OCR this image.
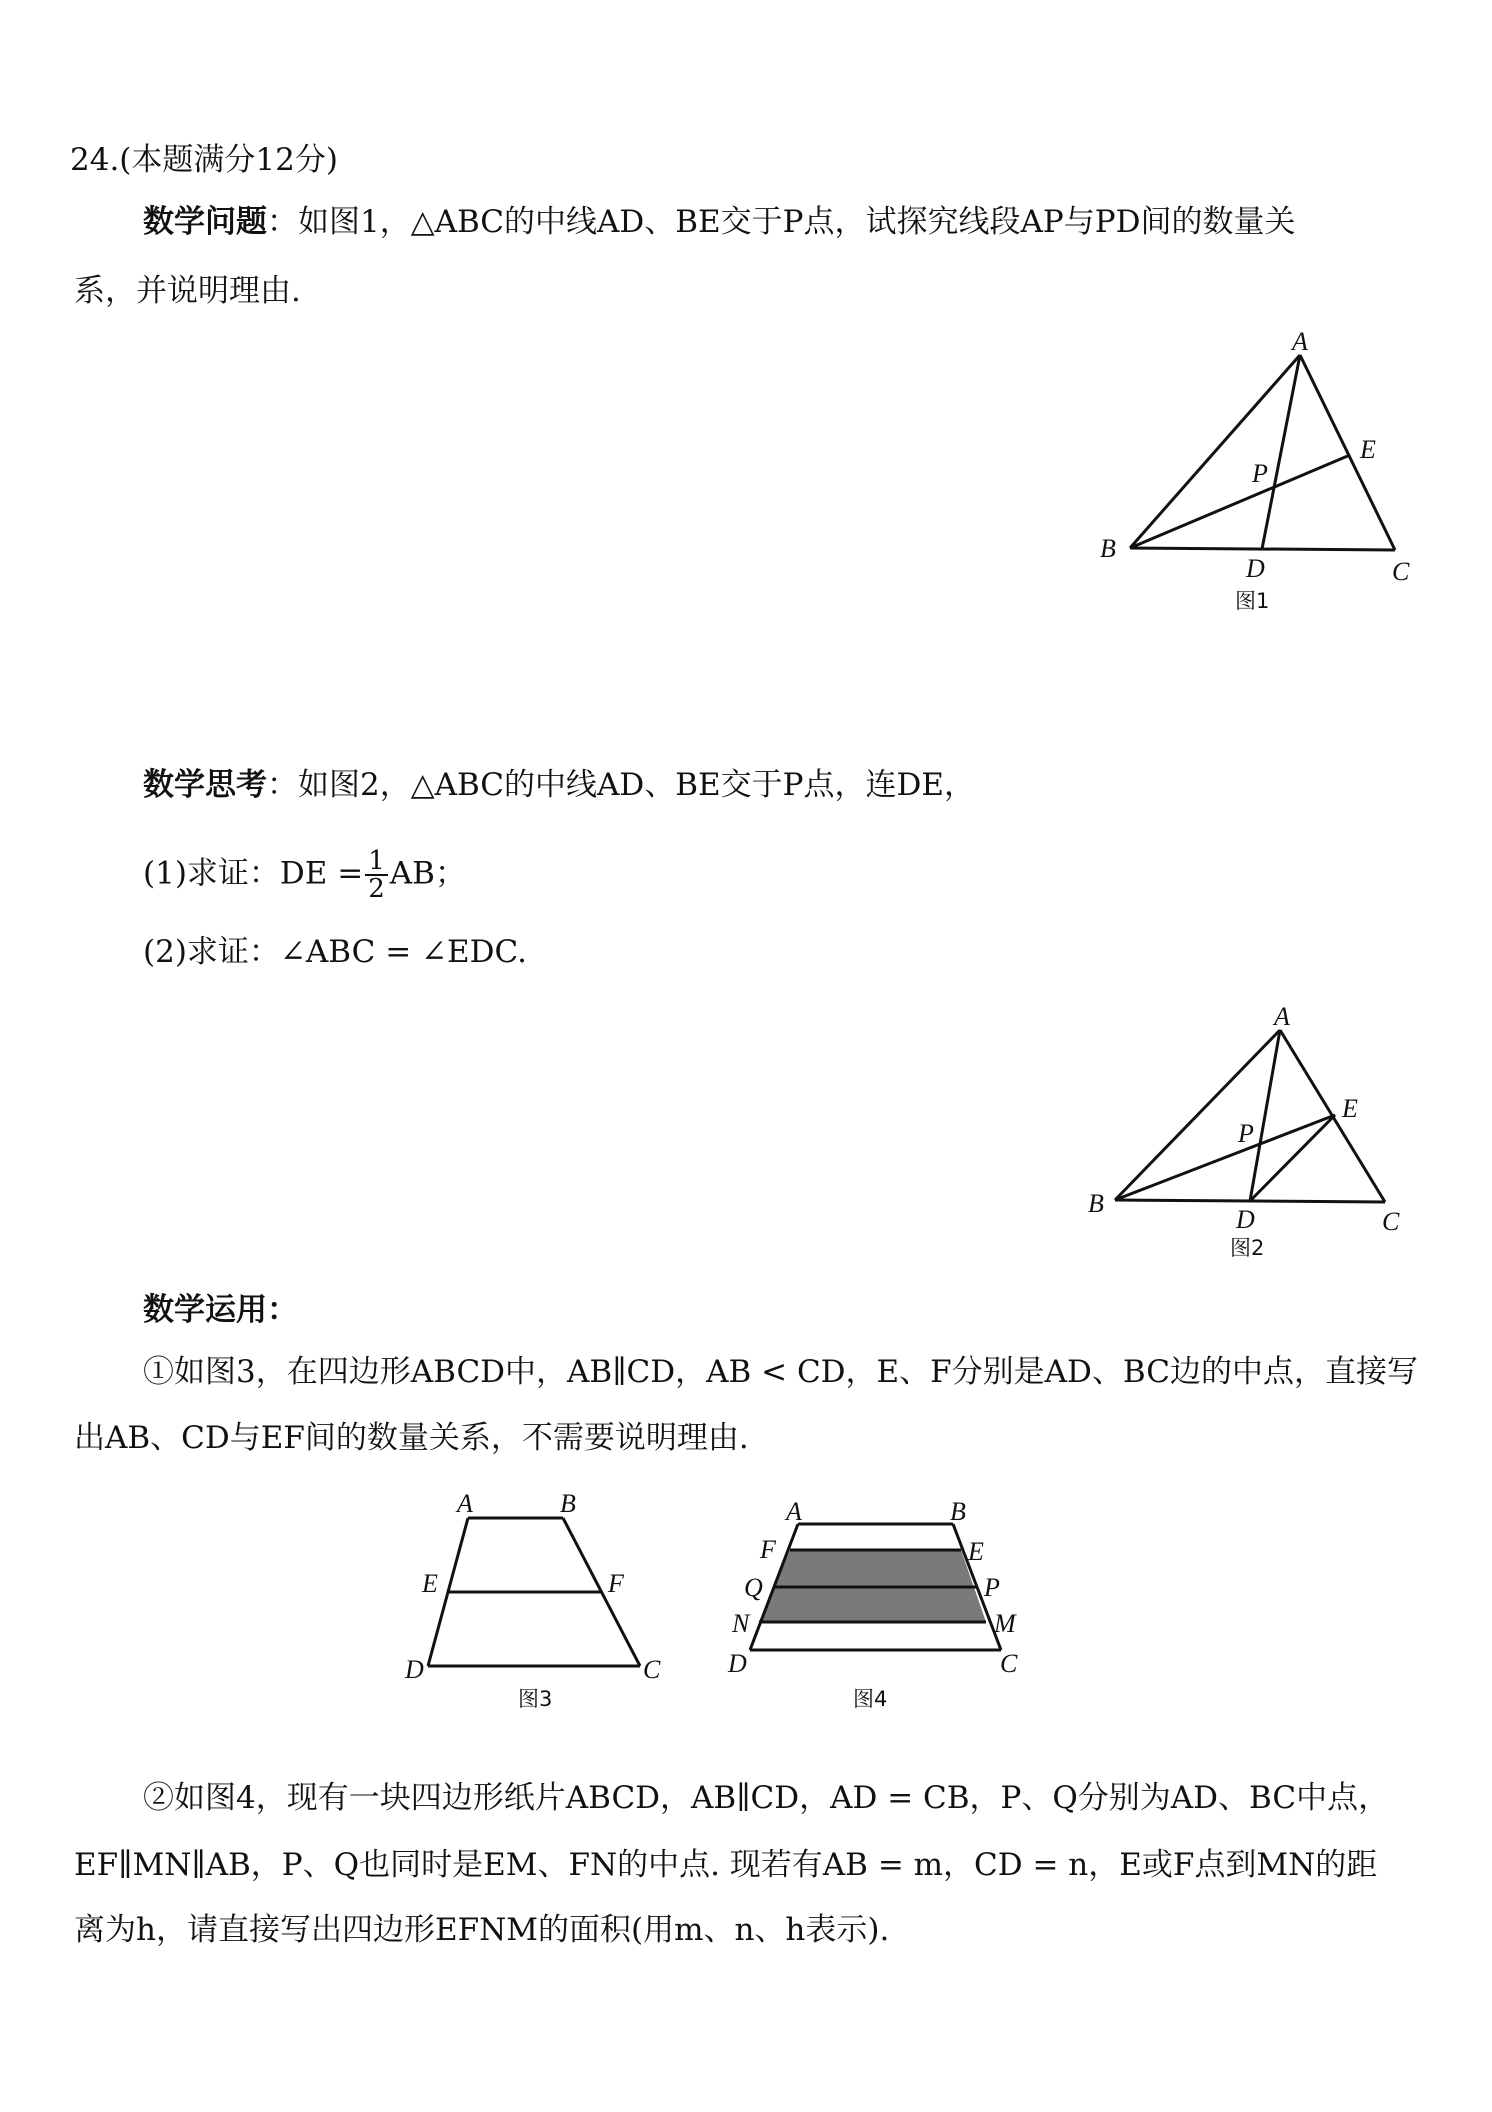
24.(本题满分12分)
数学问题：如图1，△ABC的中线AD、BE交于P点，试探究线段AP与PD间的数量关
系，并说明理由.
A
B
C
D
E
P
图1
数学思考：如图2，△ABC的中线AD、BE交于P点，连DE，
(1)求证：DE = $\frac{1}{2}$ AB；
(2)求证：∠ABC = ∠EDC.
A
B
C
D
E
P
图2
数学运用：
①如图3，在四边形ABCD中，AB∥CD，AB < CD，E、F分别是AD、BC边的中点，直接写
出AB、CD与EF间的数量关系，不需要说明理由.
A	B
C
D
E	F
图3
A	B
C
D
E
F
P
Q
M
N
图4
②如图4，现有一块四边形纸片ABCD，AB∥CD，AD = CB，P、Q分别为AD、BC中点，
EF∥MN∥AB，P、Q也同时是EM、FN的中点. 现若有AB = m，CD = n，E或F点到MN的距
离为h，请直接写出四边形EFNM的面积(用m、n、h表示).
